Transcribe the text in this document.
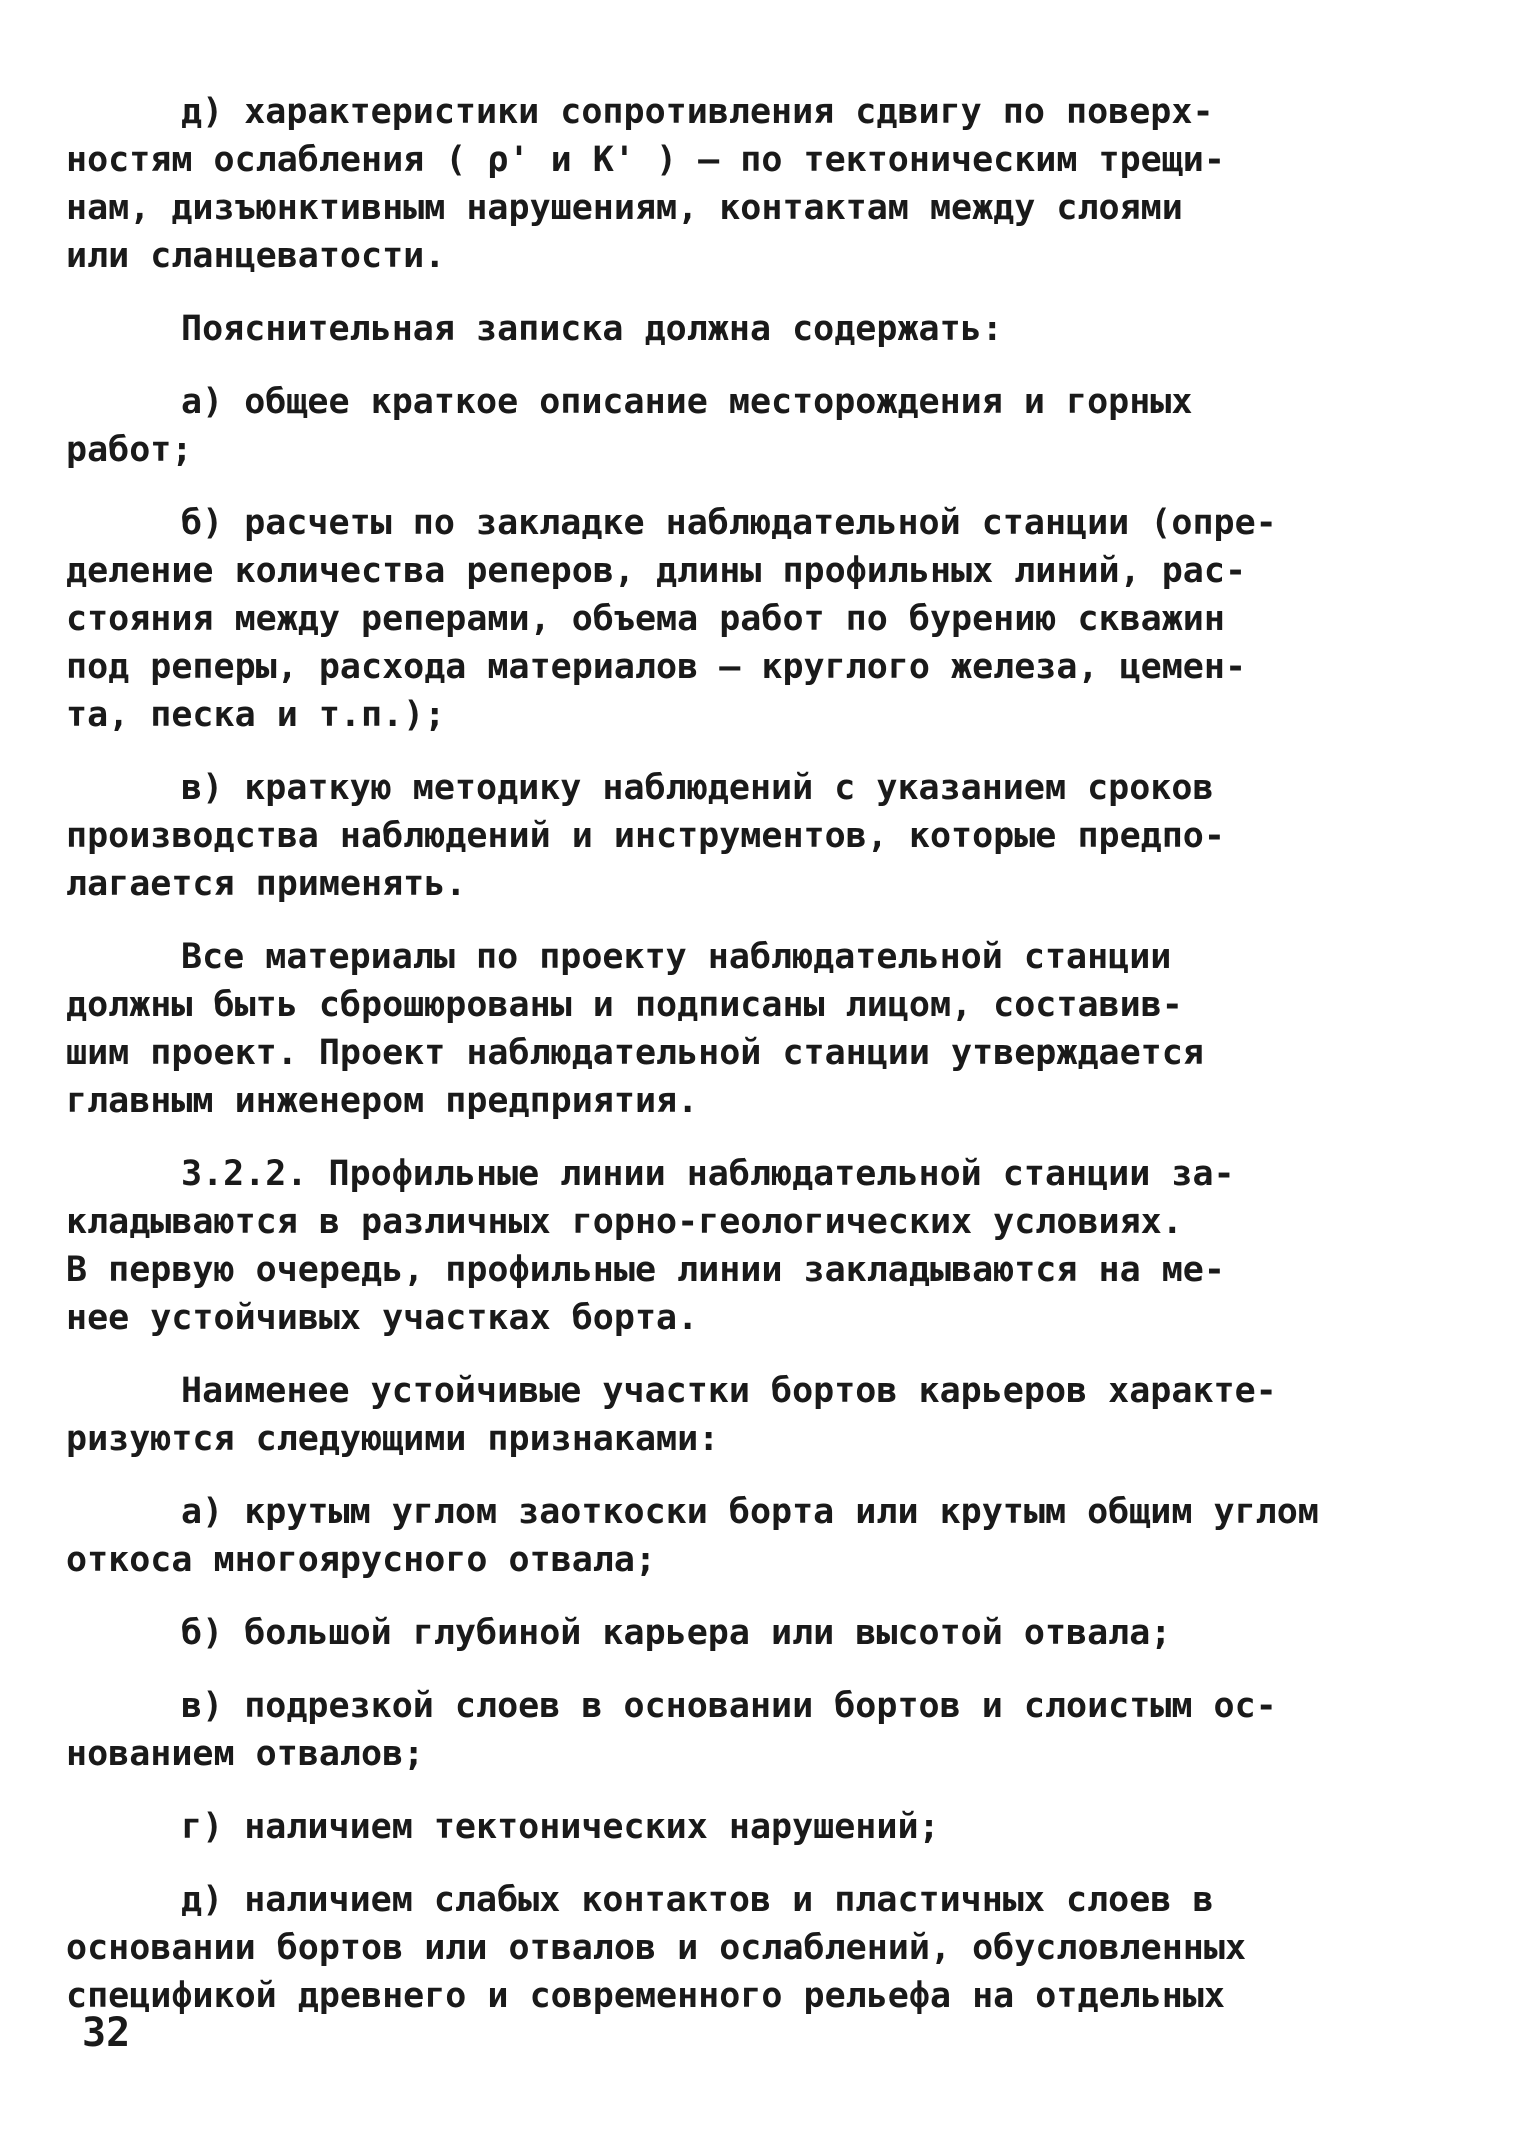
д) характеристики сопротивления сдвигу по поверх-
ностям ослабления ( ρ' и K' ) – по тектоническим трещи-
нам, дизъюнктивным нарушениям, контактам между слоями
или сланцеватости.

Пояснительная записка должна содержать:

а) общее краткое описание месторождения и горных
работ;

б) расчеты по закладке наблюдательной станции (опре-
деление количества реперов, длины профильных линий, рас-
стояния между реперами, объема работ по бурению скважин
под реперы, расхода материалов – круглого железа, цемен-
та, песка и т.п.);

в) краткую методику наблюдений с указанием сроков
производства наблюдений и инструментов, которые предпо-
лагается применять.

Все материалы по проекту наблюдательной станции
должны быть сброшюрованы и подписаны лицом, составив-
шим проект. Проект наблюдательной станции утверждается
главным инженером предприятия.

3.2.2. Профильные линии наблюдательной станции за-
кладываются в различных горно-геологических условиях.
В первую очередь, профильные линии закладываются на ме-
нее устойчивых участках борта.

Наименее устойчивые участки бортов карьеров характе-
ризуются следующими признаками:

а) крутым углом заоткоски борта или крутым общим углом
откоса многоярусного отвала;

б) большой глубиной карьера или высотой отвала;

в) подрезкой слоев в основании бортов и слоистым ос-
нованием отвалов;

г) наличием тектонических нарушений;

д) наличием слабых контактов и пластичных слоев в
основании бортов или отвалов и ослаблений, обусловленных
спецификой древнего и современного рельефа на отдельных

32
